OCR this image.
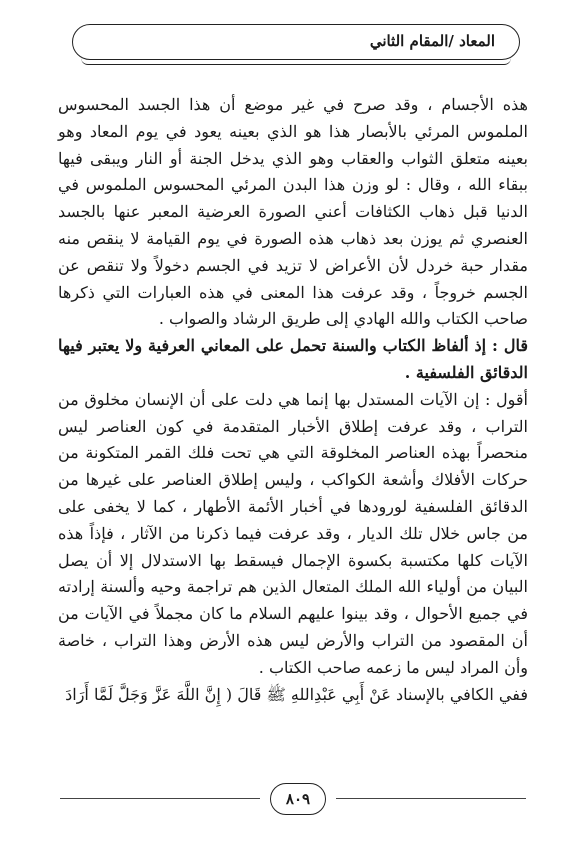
المعاد /المقام الثاني

هذه الأجسام ، وقد صرح في غير موضع أن هذا الجسد المحسوس الملموس المرئي بالأبصار هذا هو الذي بعينه يعود في يوم المعاد وهو بعينه متعلق الثواب والعقاب وهو الذي يدخل الجنة أو النار ويبقى فيها ببقاء الله ، وقال : لو وزن هذا البدن المرئي المحسوس الملموس في الدنيا قبل ذهاب الكثافات أعني الصورة العرضية المعبر عنها بالجسد العنصري ثم يوزن بعد ذهاب هذه الصورة في يوم القيامة لا ينقص منه مقدار حبة خردل لأن الأعراض لا تزيد في الجسم دخولاً ولا تنقص عن الجسم خروجاً ، وقد عرفت هذا المعنى في هذه العبارات التي ذكرها صاحب الكتاب والله الهادي إلى طريق الرشاد والصواب .

قال : إذ ألفاظ الكتاب والسنة تحمل على المعاني العرفية ولا يعتبر فيها الدقائق الفلسفية .

أقول : إن الآيات المستدل بها إنما هي دلت على أن الإنسان مخلوق من التراب ، وقد عرفت إطلاق الأخبار المتقدمة في كون العناصر ليس منحصراً بهذه العناصر المخلوقة التي هي تحت فلك القمر المتكونة من حركات الأفلاك وأشعة الكواكب ، وليس إطلاق العناصر على غيرها من الدقائق الفلسفية لورودها في أخبار الأئمة الأطهار ، كما لا يخفى على من جاس خلال تلك الديار ، وقد عرفت فيما ذكرنا من الآثار ، فإذاً هذه الآيات كلها مكتسبة بكسوة الإجمال فيسقط بها الاستدلال إلا أن يصل البيان من أولياء الله الملك المتعال الذين هم تراجمة وحيه وألسنة إرادته في جميع الأحوال ، وقد بينوا عليهم السلام ما كان مجملاً في الآيات من أن المقصود من التراب والأرض ليس هذه الأرض وهذا التراب ، خاصة وأن المراد ليس ما زعمه صاحب الكتاب .

ففي الكافي بالإسناد عَنْ أَبِي عَبْدِاللهِ ﷺ قَالَ ( إِنَّ اللَّهَ عَزَّ وَجَلَّ لَمَّا أَرَادَ

٨٠٩
